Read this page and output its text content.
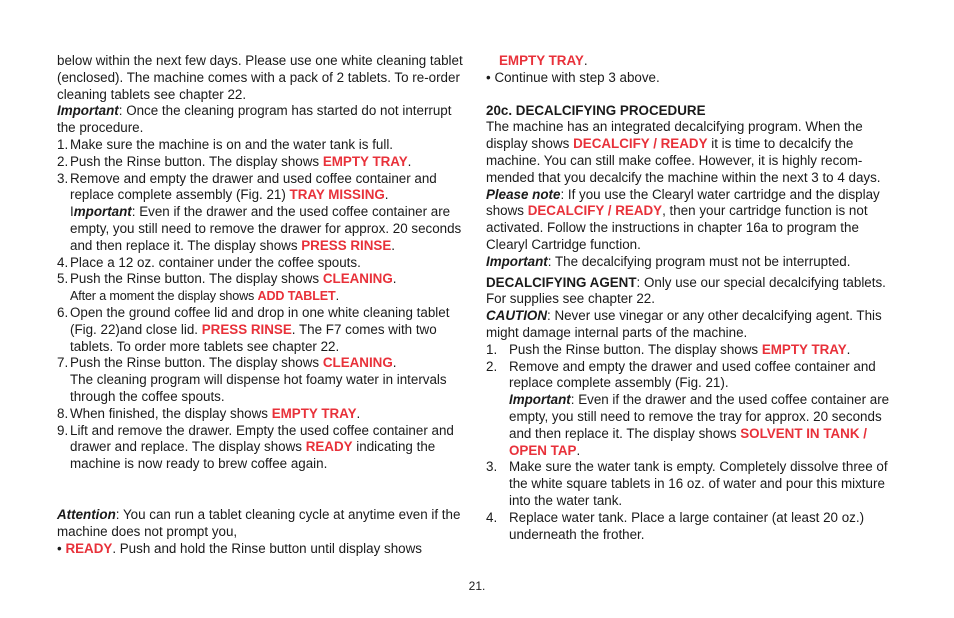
below within the next few days. Please use one white cleaning tablet (enclosed). The machine comes with a pack of 2 tablets. To re-order cleaning tablets see chapter 22.

Important: Once the cleaning program has started do not interrupt the procedure.

1. Make sure the machine is on and the water tank is full.
2. Push the Rinse button. The display shows EMPTY TRAY.
3. Remove and empty the drawer and used coffee container and replace complete assembly (Fig. 21) TRAY MISSING.
Important: Even if the drawer and the used coffee container are empty, you still need to remove the drawer for approx. 20 seconds and then replace it. The display shows PRESS RINSE.
4. Place a 12 oz. container under the coffee spouts.
5. Push the Rinse button. The display shows CLEANING.
After a moment the display shows ADD TABLET.
6. Open the ground coffee lid and drop in one white cleaning tablet (Fig. 22)and close lid. PRESS RINSE. The F7 comes with two tablets. To order more tablets see chapter 22.
7. Push the Rinse button. The display shows CLEANING.
The cleaning program will dispense hot foamy water in intervals through the coffee spouts.
8. When finished, the display shows EMPTY TRAY.
9. Lift and remove the drawer. Empty the used coffee container and drawer and replace. The display shows READY indicating the machine is now ready to brew coffee again.

Attention: You can run a tablet cleaning cycle at anytime even if the machine does not prompt you,

• READY. Push and hold the Rinse button until display shows

EMPTY TRAY.

• Continue with step 3 above.

20c. DECALCIFYING PROCEDURE

The machine has an integrated decalcifying program. When the display shows DECALCIFY / READY it is time to decalcify the machine. You can still make coffee. However, it is highly recom-mended that you decalcify the machine within the next 3 to 4 days.

Please note: If you use the Clearyl water cartridge and the display shows DECALCIFY / READY, then your cartridge function is not activated. Follow the instructions in chapter 16a to program the Clearyl Cartridge function.

Important: The decalcifying program must not be interrupted.

DECALCIFYING AGENT: Only use our special decalcifying tablets. For supplies see chapter 22.

CAUTION: Never use vinegar or any other decalcifying agent. This might damage internal parts of the machine.

1. Push the Rinse button. The display shows EMPTY TRAY.
2. Remove and empty the drawer and used coffee container and replace complete assembly (Fig. 21).
Important: Even if the drawer and the used coffee container are empty, you still need to remove the tray for approx. 20 seconds and then replace it. The display shows SOLVENT IN TANK / OPEN TAP.
3. Make sure the water tank is empty. Completely dissolve three of the white square tablets in 16 oz. of water and pour this mixture into the water tank.
4. Replace water tank. Place a large container (at least 20 oz.) underneath the frother.
21.
